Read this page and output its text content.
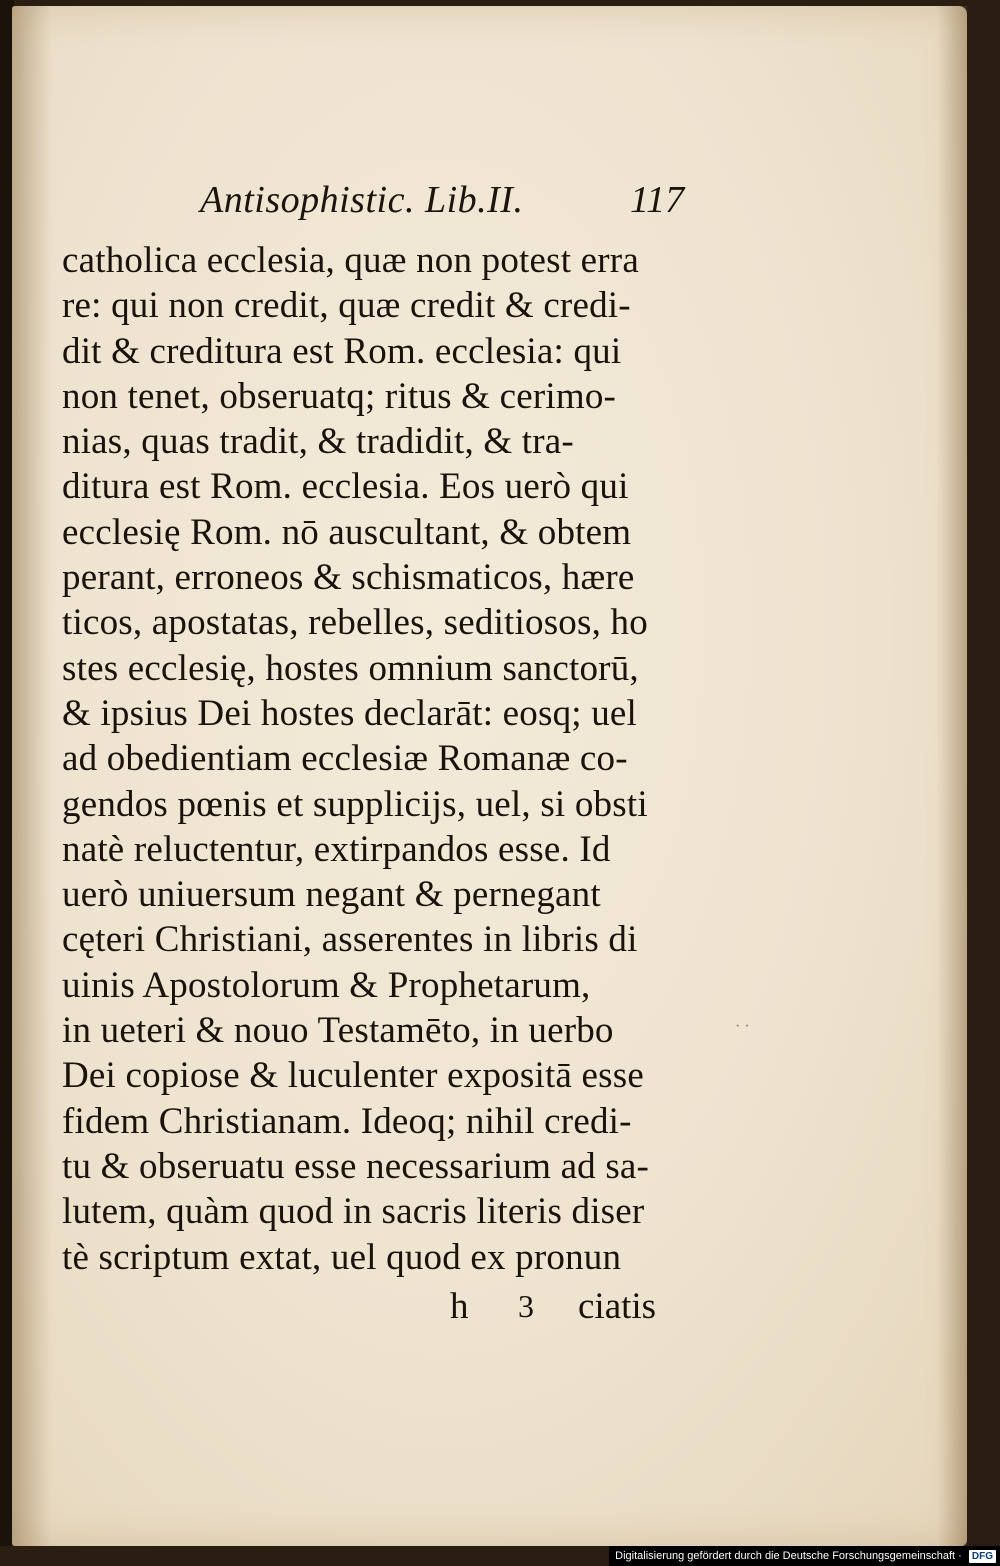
Antisophistic. Lib.II.	117
catholica ecclesia, quæ non potest erra
re: qui non credit, quæ credit & credi-
dit & creditura est Rom. ecclesia: qui
non tenet, obseruatq; ritus & cerimo-
nias, quas tradit, & tradidit, & tra-
ditura est Rom. ecclesia. Eos uerò qui
ecclesię Rom. nō auscultant, & obtem
perant, erroneos & schismaticos, hære
ticos, apostatas, rebelles, seditiosos, ho
stes ecclesię, hostes omnium sanctorū,
& ipsius Dei hostes declarāt: eosq; uel
ad obedientiam ecclesiæ Romanæ co-
gendos pœnis et supplicijs, uel, si obsti
natè reluctentur, extirpandos esse. Id
uerò uniuersum negant & pernegant
cęteri Christiani, asserentes in libris di
uinis Apostolorum & Prophetarum,
in ueteri & nouo Testamēto, in uerbo
Dei copiose & luculenter expositā esse
fidem Christianam. Ideoq; nihil credi-
tu & obseruatu esse necessarium ad sa-
lutem, quàm quod in sacris literis diser
tè scriptum extat, uel quod ex pronun
h 3 ciatis
· ·
Digitalisierung gefördert durch die Deutsche Forschungsgemeinschaft · DFG
